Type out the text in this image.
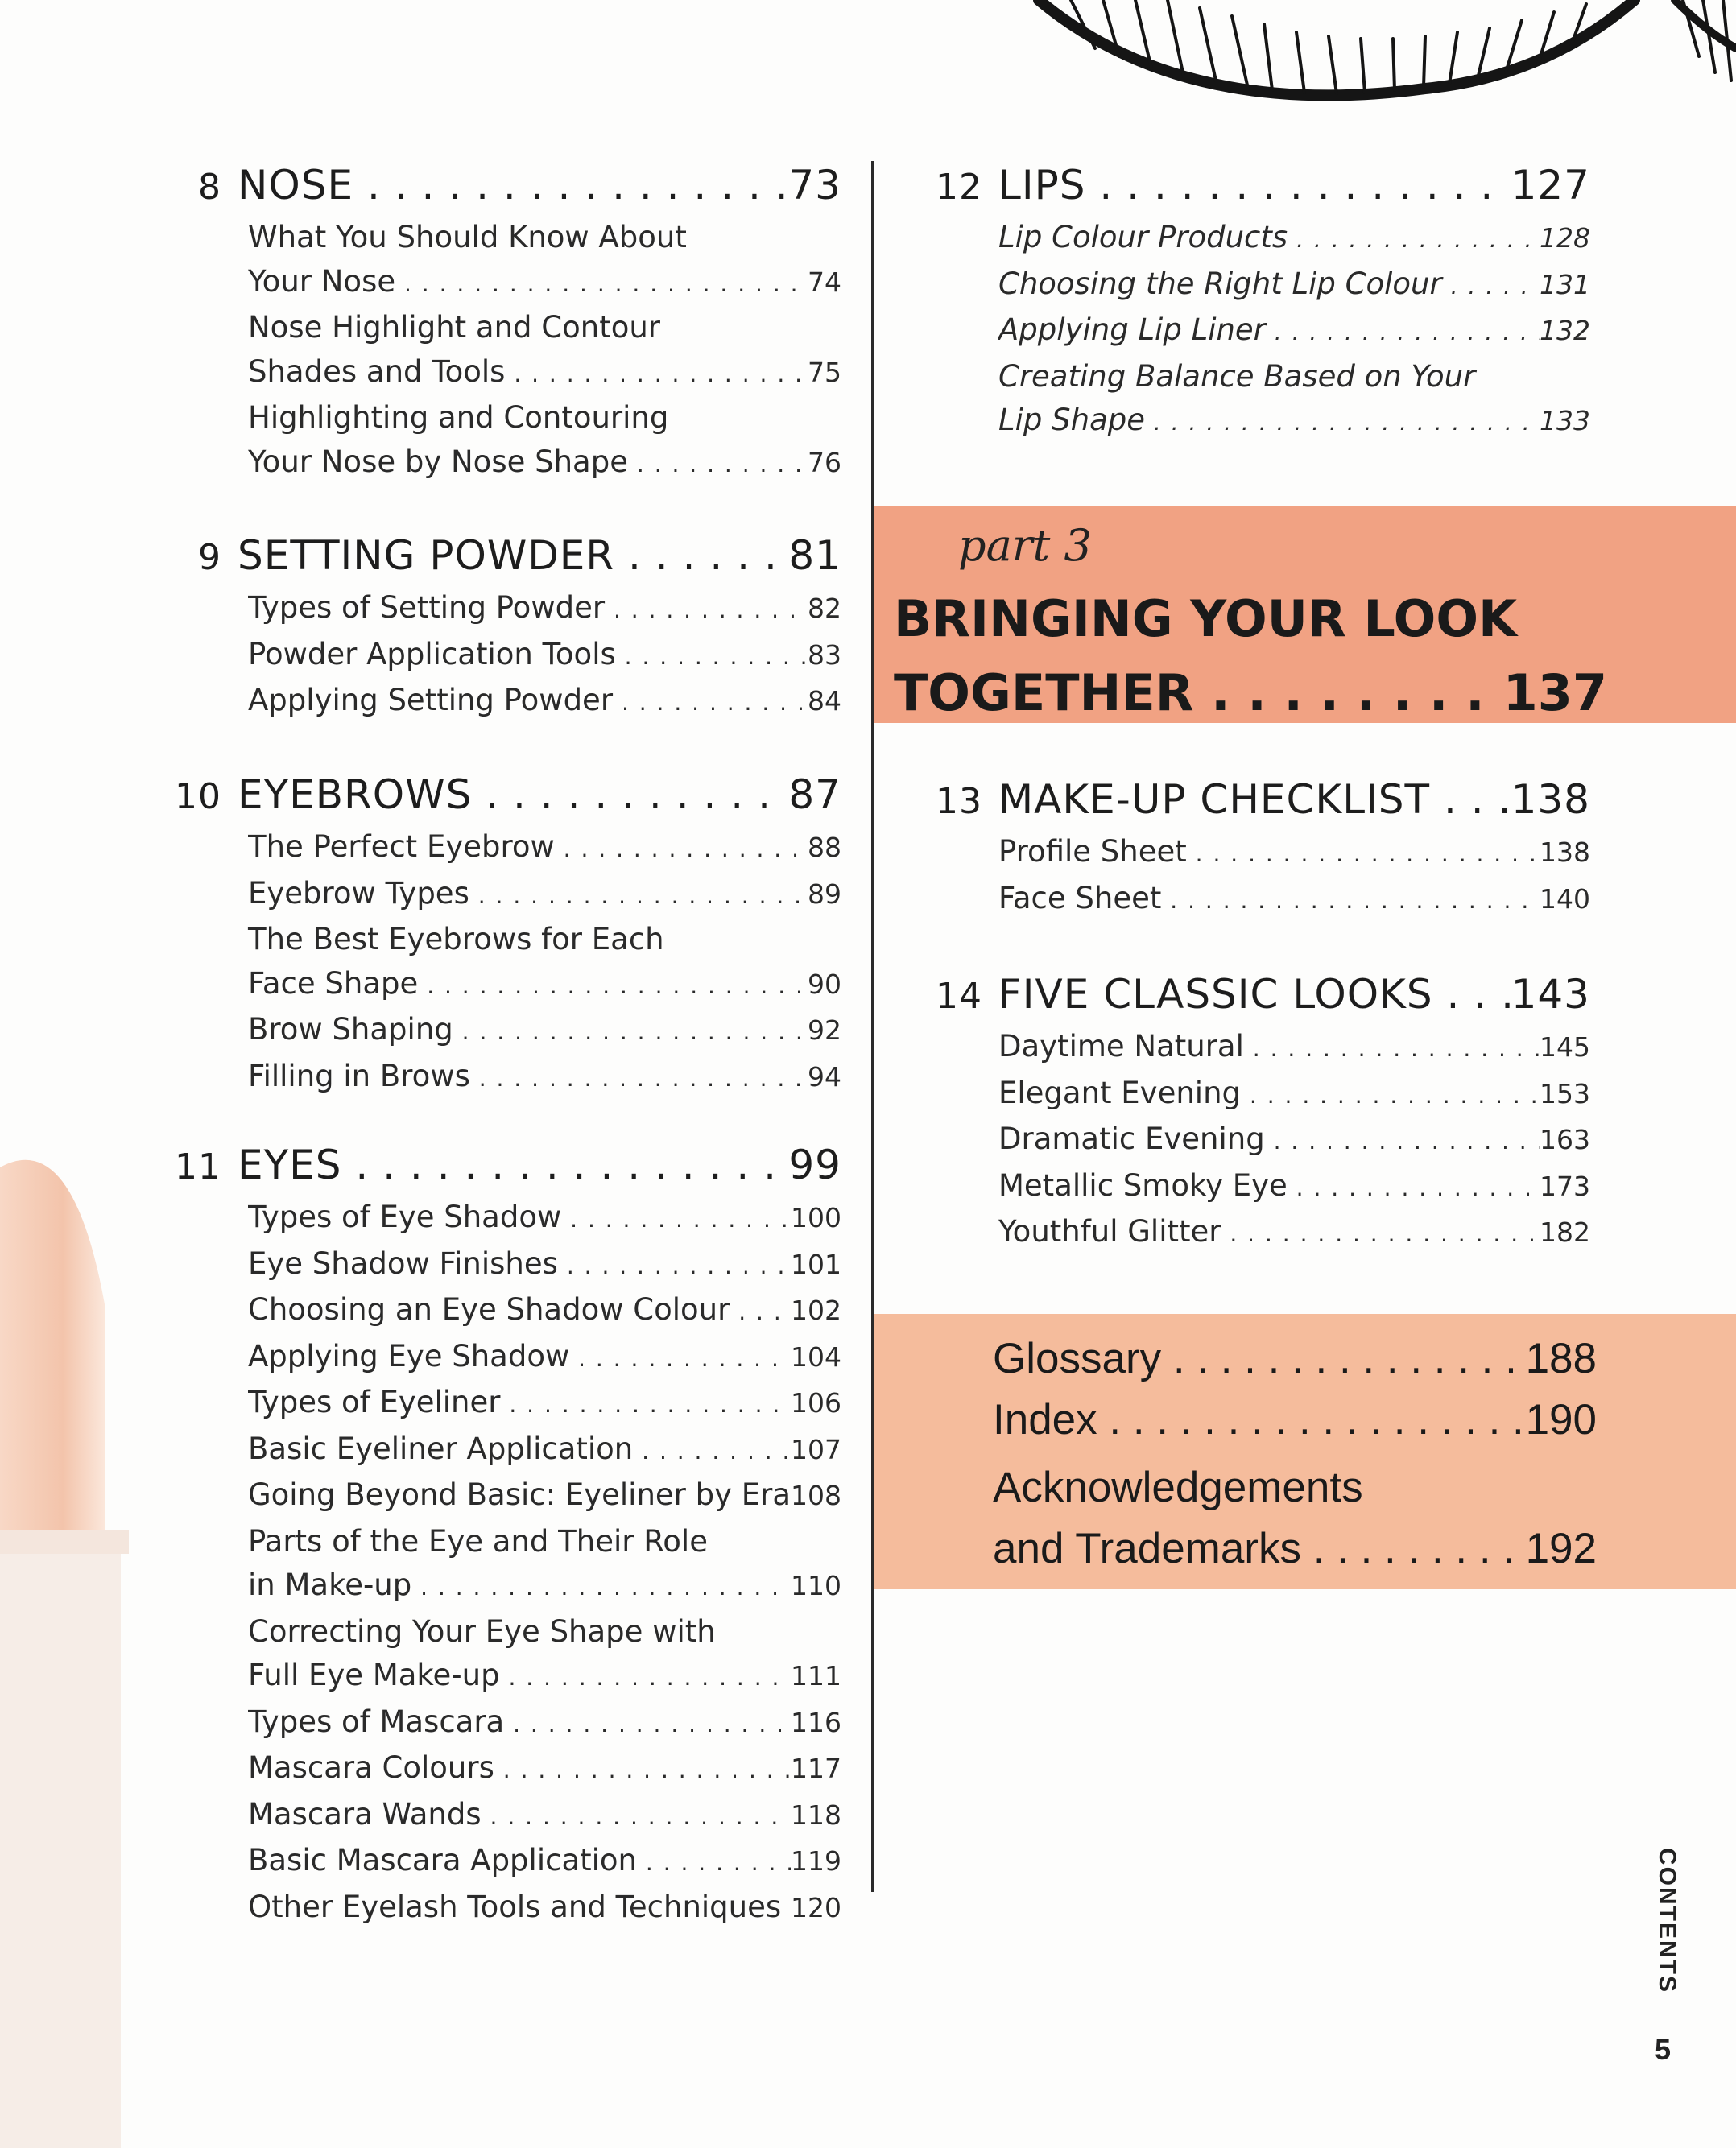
8 NOSE . . .	73
What You Should Know About
Your Nose . . .	74
Nose Highlight and Contour
Shades and Tools . . .	75
Highlighting and Contouring
Your Nose by Nose Shape . . .	76
9 SETTING POWDER . . .	81
Types of Setting Powder . . .	82
Powder Application Tools . . .	83
Applying Setting Powder . . .	84
10 EYEBROWS . . .	87
The Perfect Eyebrow . . .	88
Eyebrow Types . . .	89
The Best Eyebrows for Each
Face Shape . . .	90
Brow Shaping . . .	92
Filling in Brows . . .	94
11 EYES . . .	99
Types of Eye Shadow . . .	100
Eye Shadow Finishes . . .	101
Choosing an Eye Shadow Colour . . .	102
Applying Eye Shadow . . .	104
Types of Eyeliner . . .	106
Basic Eyeliner Application . . .	107
Going Beyond Basic: Eyeliner by Era . . . 108
Parts of the Eye and Their Role
in Make-up . . .	110
Correcting Your Eye Shape with
Full Eye Make-up . . .	111
Types of Mascara . . .	116
Mascara Colours . . .	117
Mascara Wands . . .	118
Basic Mascara Application . . .	119
Other Eyelash Tools and Techniques . . . 120
12 LIPS . . .	127
Lip Colour Products . . .	128
Choosing the Right Lip Colour . . .	131
Applying Lip Liner . . .	132
Creating Balance Based on Your
Lip Shape . . .	133
13 MAKE-UP CHECKLIST . . .	138
Profile Sheet . . .	138
Face Sheet . . .	140
14 FIVE CLASSIC LOOKS . . .	143
Daytime Natural . . .	145
Elegant Evening . . .	153
Dramatic Evening . . .	163
Metallic Smoky Eye . . .	173
Youthful Glitter . . .	182
part 3
BRINGING YOUR LOOK
TOGETHER . . .	137
Glossary . . .	188
Index . . .	190
Acknowledgements
and Trademarks . . .	192
CONTENTS
5
